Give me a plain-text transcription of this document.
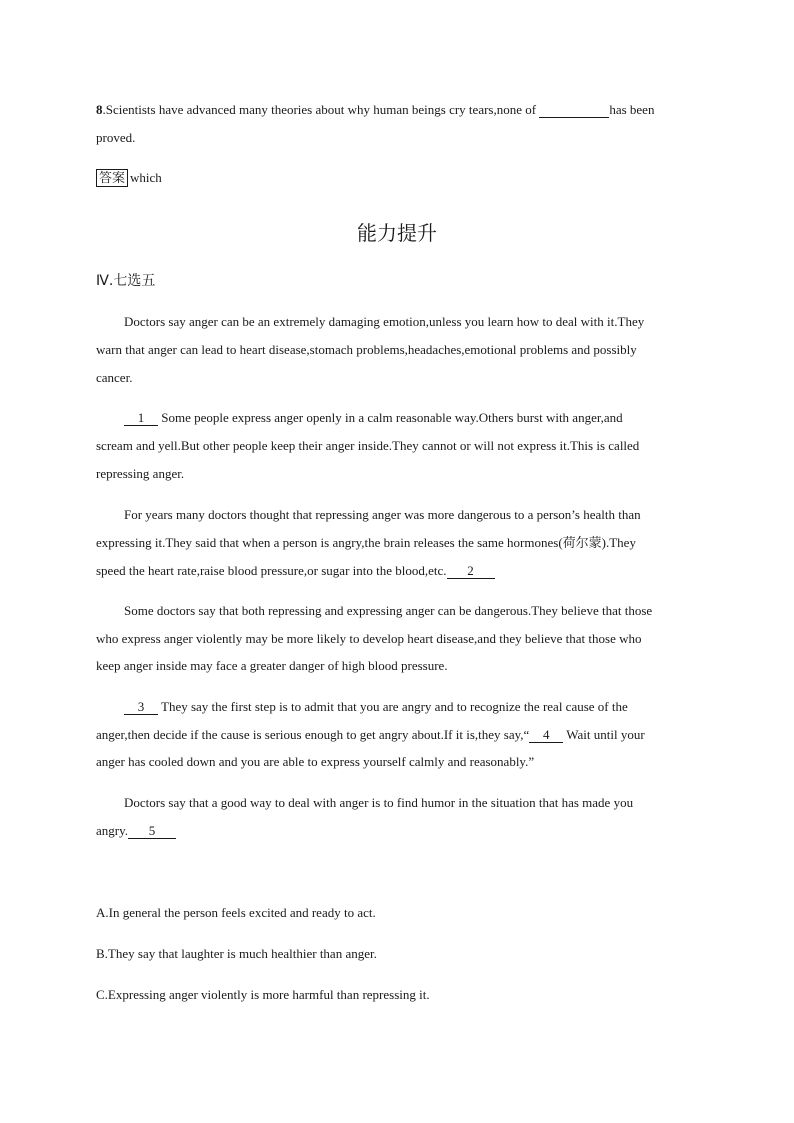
8.Scientists have advanced many theories about why human beings cry tears,none of	has been
proved.
答案 which
能力提升
Ⅳ.七选五
Doctors say anger can be an extremely damaging emotion,unless you learn how to deal with it.They
warn that anger can lead to heart disease,stomach problems,headaches,emotional problems and possibly
cancer.
1 Some people express anger openly in a calm reasonable way.Others burst with anger,and
scream and yell.But other people keep their anger inside.They cannot or will not express it.This is called
repressing anger.
For years many doctors thought that repressing anger was more dangerous to a person’s health than
expressing it.They said that when a person is angry,the brain releases the same hormones(荷尔蒙).They
speed the heart rate,raise blood pressure,or sugar into the blood,etc. 2
Some doctors say that both repressing and expressing anger can be dangerous.They believe that those
who express anger violently may be more likely to develop heart disease,and they believe that those who
keep anger inside may face a greater danger of high blood pressure.
3 They say the first step is to admit that you are angry and to recognize the real cause of the
anger,then decide if the cause is serious enough to get angry about.If it is,they say,“ 4 Wait until your
anger has cooled down and you are able to express yourself calmly and reasonably.”
Doctors say that a good way to deal with anger is to find humor in the situation that has made you
angry. 5
A.In general the person feels excited and ready to act.
B.They say that laughter is much healthier than anger.
C.Expressing anger violently is more harmful than repressing it.
